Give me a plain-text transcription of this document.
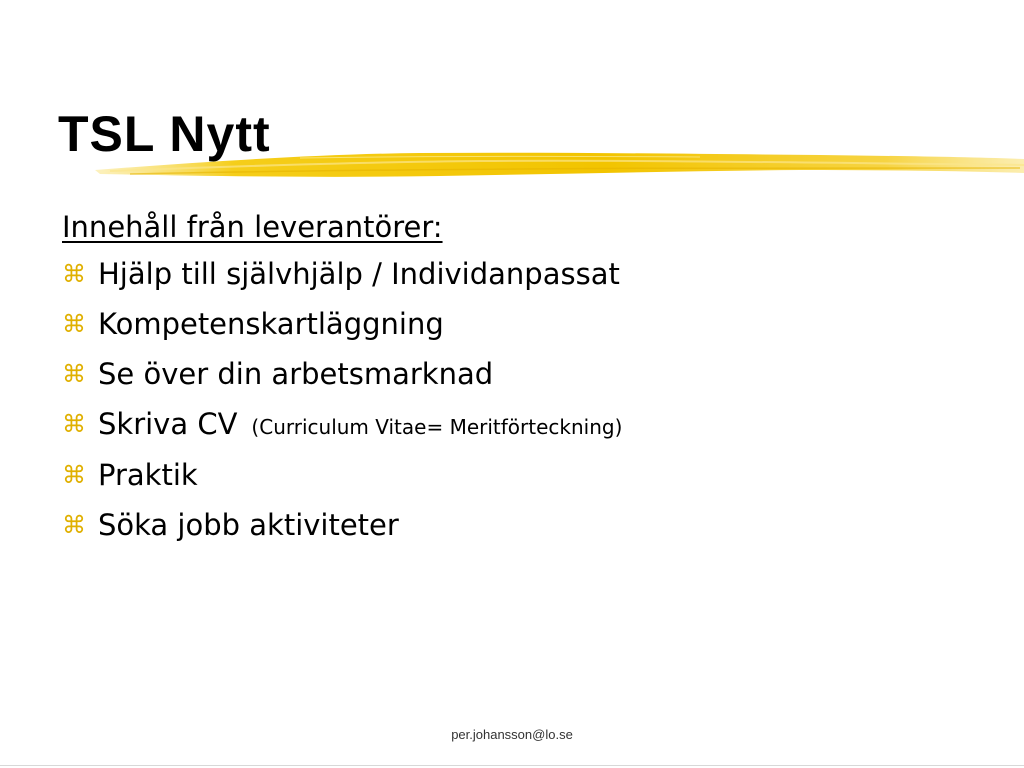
TSL Nytt

Innehåll från leverantörer:

⌘ Hjälp till självhjälp / Individanpassat
⌘ Kompetenskartläggning
⌘ Se över din arbetsmarknad
⌘ Skriva CV (Curriculum Vitae= Meritförteckning)
⌘ Praktik
⌘ Söka jobb aktiviteter
per.johansson@lo.se
